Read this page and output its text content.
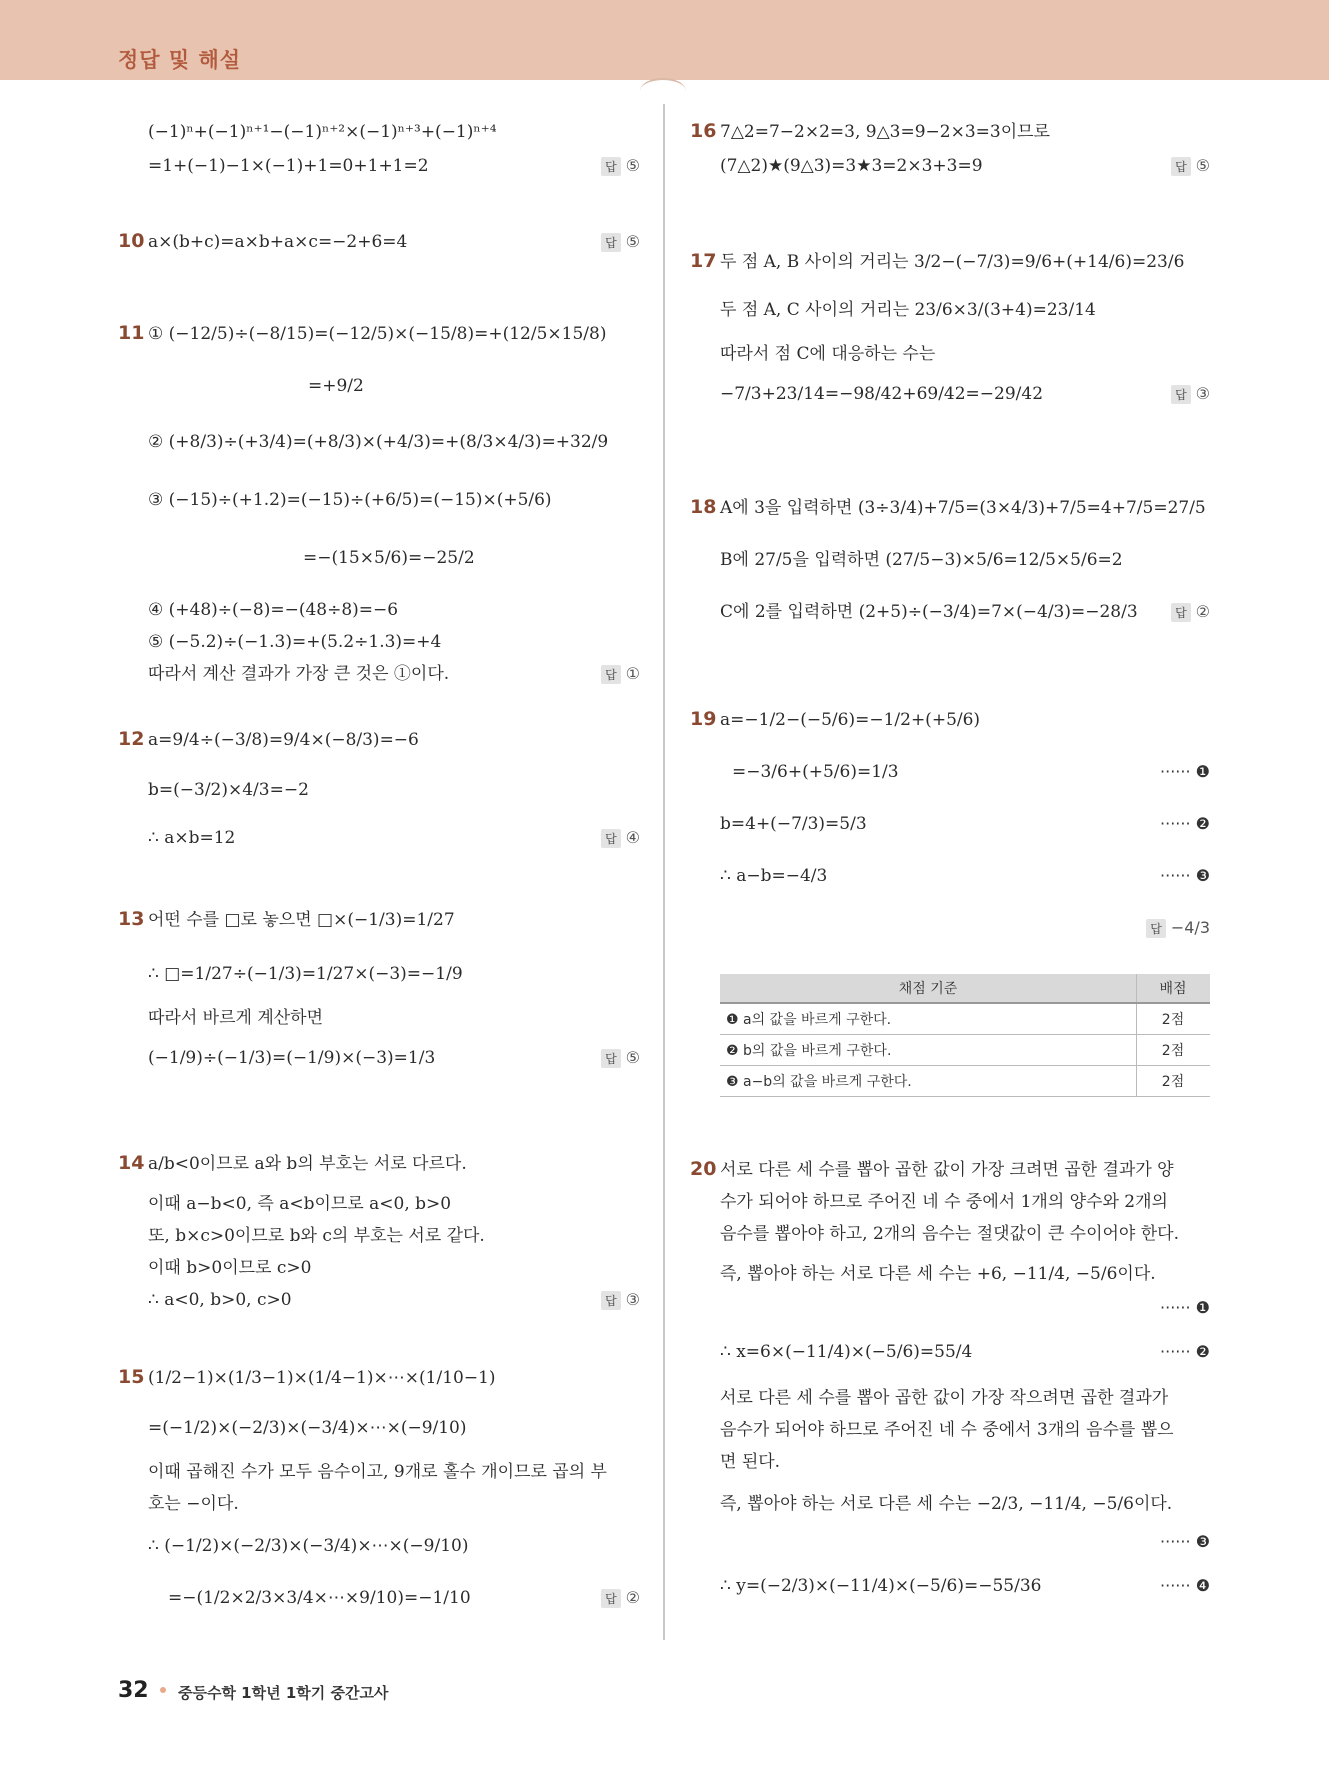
정답 및 해설
(−1)ⁿ+(−1)ⁿ⁺¹−(−1)ⁿ⁺²×(−1)ⁿ⁺³+(−1)ⁿ⁺⁴
=1+(−1)−1×(−1)+1=0+1+1=2	답 ⑤
10 a×(b+c)=a×b+a×c=−2+6=4	답 ⑤
11 ① (−12/5)÷(−8/15)=(−12/5)×(−15/8)=+(12/5×15/8)
=+9/2
② (+8/3)÷(+3/4)=(+8/3)×(+4/3)=+(8/3×4/3)=+32/9
③ (−15)÷(+1.2)=(−15)÷(+6/5)=(−15)×(+5/6)
=−(15×5/6)=−25/2
④ (+48)÷(−8)=−(48÷8)=−6
⑤ (−5.2)÷(−1.3)=+(5.2÷1.3)=+4
따라서 계산 결과가 가장 큰 것은 ①이다.	답 ①
12 a=9/4÷(−3/8)=9/4×(−8/3)=−6
b=(−3/2)×4/3=−2
∴ a×b=12	답 ④
13 어떤 수를 □로 놓으면 □×(−1/3)=1/27
∴ □=1/27÷(−1/3)=1/27×(−3)=−1/9
따라서 바르게 계산하면
(−1/9)÷(−1/3)=(−1/9)×(−3)=1/3	답 ⑤
14 a/b<0이므로 a와 b의 부호는 서로 다르다.
이때 a−b<0, 즉 a<b이므로 a<0, b>0
또, b×c>0이므로 b와 c의 부호는 서로 같다.
이때 b>0이므로 c>0
∴ a<0, b>0, c>0	답 ③
15 (1/2−1)×(1/3−1)×(1/4−1)×⋯×(1/10−1)
=(−1/2)×(−2/3)×(−3/4)×⋯×(−9/10)
이때 곱해진 수가 모두 음수이고, 9개로 홀수 개이므로 곱의 부
호는 −이다.
∴ (−1/2)×(−2/3)×(−3/4)×⋯×(−9/10)
=−(1/2×2/3×3/4×⋯×9/10)=−1/10	답 ②
16 7△2=7−2×2=3, 9△3=9−2×3=3이므로
(7△2)★(9△3)=3★3=2×3+3=9	답 ⑤
17 두 점 A, B 사이의 거리는 3/2−(−7/3)=9/6+(+14/6)=23/6
두 점 A, C 사이의 거리는 23/6×3/(3+4)=23/14
따라서 점 C에 대응하는 수는
−7/3+23/14=−98/42+69/42=−29/42	답 ③
18 A에 3을 입력하면 (3÷3/4)+7/5=(3×4/3)+7/5=4+7/5=27/5
B에 27/5을 입력하면 (27/5−3)×5/6=12/5×5/6=2
C에 2를 입력하면 (2+5)÷(−3/4)=7×(−4/3)=−28/3	답 ②
19 a=−1/2−(−5/6)=−1/2+(+5/6)
=−3/6+(+5/6)=1/3	······ ❶
b=4+(−7/3)=5/3	······ ❷
∴ a−b=−4/3	······ ❸
답 −4/3
채점 기준	배점
❶ a의 값을 바르게 구한다.	2점
❷ b의 값을 바르게 구한다.	2점
❸ a−b의 값을 바르게 구한다.	2점
20 서로 다른 세 수를 뽑아 곱한 값이 가장 크려면 곱한 결과가 양
수가 되어야 하므로 주어진 네 수 중에서 1개의 양수와 2개의
음수를 뽑아야 하고, 2개의 음수는 절댓값이 큰 수이어야 한다.
즉, 뽑아야 하는 서로 다른 세 수는 +6, −11/4, −5/6이다.
······ ❶
∴ x=6×(−11/4)×(−5/6)=55/4	······ ❷
서로 다른 세 수를 뽑아 곱한 값이 가장 작으려면 곱한 결과가
음수가 되어야 하므로 주어진 네 수 중에서 3개의 음수를 뽑으
면 된다.
즉, 뽑아야 하는 서로 다른 세 수는 −2/3, −11/4, −5/6이다.
······ ❸
∴ y=(−2/3)×(−11/4)×(−5/6)=−55/36	······ ❹
32 중등수학 1학년 1학기 중간고사
